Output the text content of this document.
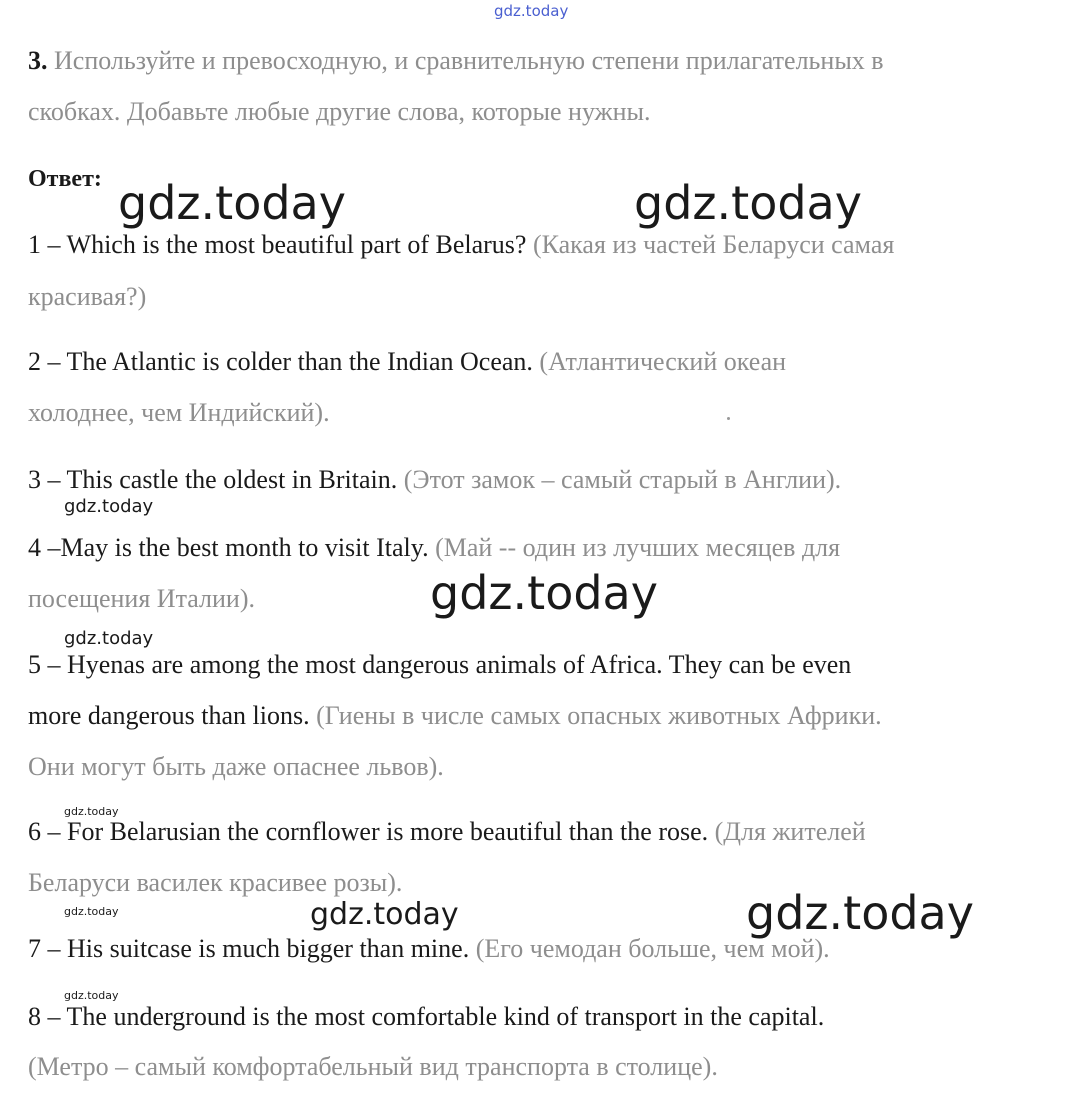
gdz.today
3. Используйте и превосходную, и сравнительную степени прилагательных в
скобках. Добавьте любые другие слова, которые нужны.
Ответ: gdz.today	gdz.today
1 – Which is the most beautiful part of Belarus? (Какая из частей Беларуси самая
красивая?)
2 – The Atlantic is colder than the Indian Ocean. (Атлантический океан
холоднее, чем Индийский).
3 – This castle the oldest in Britain. (Этот замок – самый старый в Англии).
gdz.today
4 –May is the best month to visit Italy. (Май -- один из лучших месяцев для
посещения Италии).	gdz.today
gdz.today
5 – Hyenas are among the most dangerous animals of Africa. They can be even
more dangerous than lions. (Гиены в числе самых опасных животных Африки.
Они могут быть даже опаснее львов).
gdz.today
6 – For Belarusian the cornflower is more beautiful than the rose. (Для жителей
Беларуси василек красивее розы).
gdz.today	gdz.today	gdz.today
7 – His suitcase is much bigger than mine. (Его чемодан больше, чем мой).
gdz.today
8 – The underground is the most comfortable kind of transport in the capital.
(Метро – самый комфортабельный вид транспорта в столице).
